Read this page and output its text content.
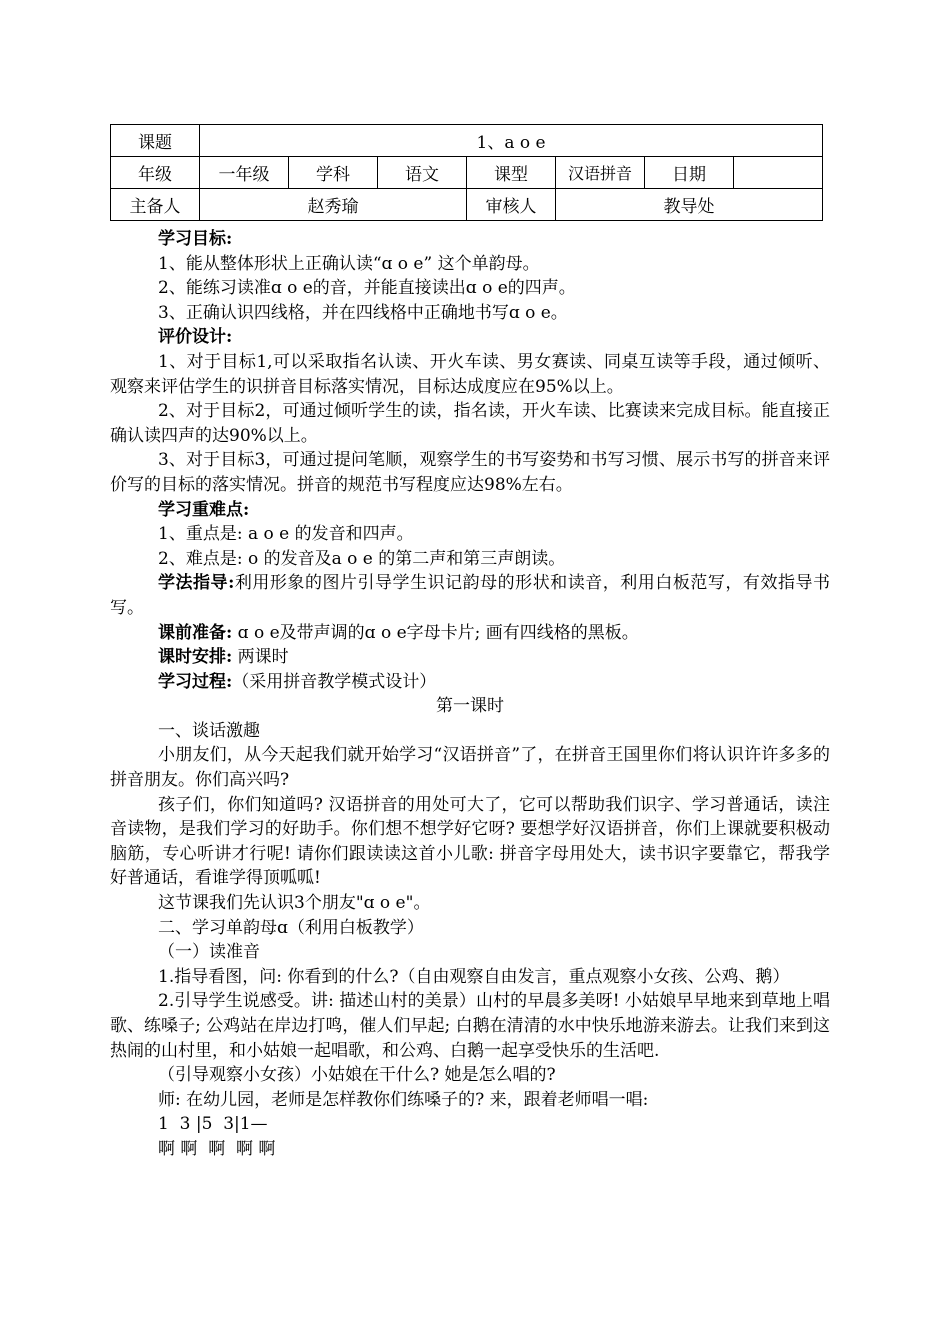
课题	1、a o e						
年级	一年级	学科	语文	课型	汉语拼音	日期	
主备人	赵秀瑜			审核人	教导处		

学习目标:

1、能从整体形状上正确认读“ɑ o e” 这个单韵母。

2、能练习读准ɑ o e的音，并能直接读出ɑ o e的四声。

3、正确认识四线格，并在四线格中正确地书写ɑ o e。

评价设计:

1、对于目标1,可以采取指名认读、开火车读、男女赛读、同桌互读等手段，通过倾听、观察来评估学生的识拼音目标落实情况，目标达成度应在95%以上。

2、对于目标2，可通过倾听学生的读，指名读，开火车读、比赛读来完成目标。能直接正确认读四声的达90%以上。

3、对于目标3，可通过提问笔顺，观察学生的书写姿势和书写习惯、展示书写的拼音来评价写的目标的落实情况。拼音的规范书写程度应达98%左右。

学习重难点:

1、重点是: a o e 的发音和四声。

2、难点是: o 的发音及a o e 的第二声和第三声朗读。

学法指导:利用形象的图片引导学生识记韵母的形状和读音，利用白板范写，有效指导书写。

课前准备: ɑ o e及带声调的ɑ o e字母卡片; 画有四线格的黑板。

课时安排: 两课时

学习过程:（采用拼音教学模式设计）

第一课时

一、谈话激趣

小朋友们，从今天起我们就开始学习“汉语拼音”了，在拼音王国里你们将认识许许多多的拼音朋友。你们高兴吗?

孩子们，你们知道吗? 汉语拼音的用处可大了，它可以帮助我们识字、学习普通话，读注音读物，是我们学习的好助手。你们想不想学好它呀? 要想学好汉语拼音，你们上课就要积极动脑筋，专心听讲才行呢! 请你们跟读读这首小儿歌: 拼音字母用处大，读书识字要靠它，帮我学好普通话，看谁学得顶呱呱!

这节课我们先认识3个朋友"ɑ o e"。

二、学习单韵母ɑ（利用白板教学）

（一）读准音

1.指导看图，问: 你看到的什么?（自由观察自由发言，重点观察小女孩、公鸡、鹅）

2.引导学生说感受。讲: 描述山村的美景）山村的早晨多美呀! 小姑娘早早地来到草地上唱歌、练嗓子; 公鸡站在岸边打鸣，催人们早起; 白鹅在清清的水中快乐地游来游去。让我们来到这热闹的山村里，和小姑娘一起唱歌，和公鸡、白鹅一起享受快乐的生活吧.

（引导观察小女孩）小姑娘在干什么? 她是怎么唱的?

师: 在幼儿园，老师是怎样教你们练嗓子的? 来，跟着老师唱一唱:

1  3 |5  3|1—

啊 啊  啊  啊 啊
